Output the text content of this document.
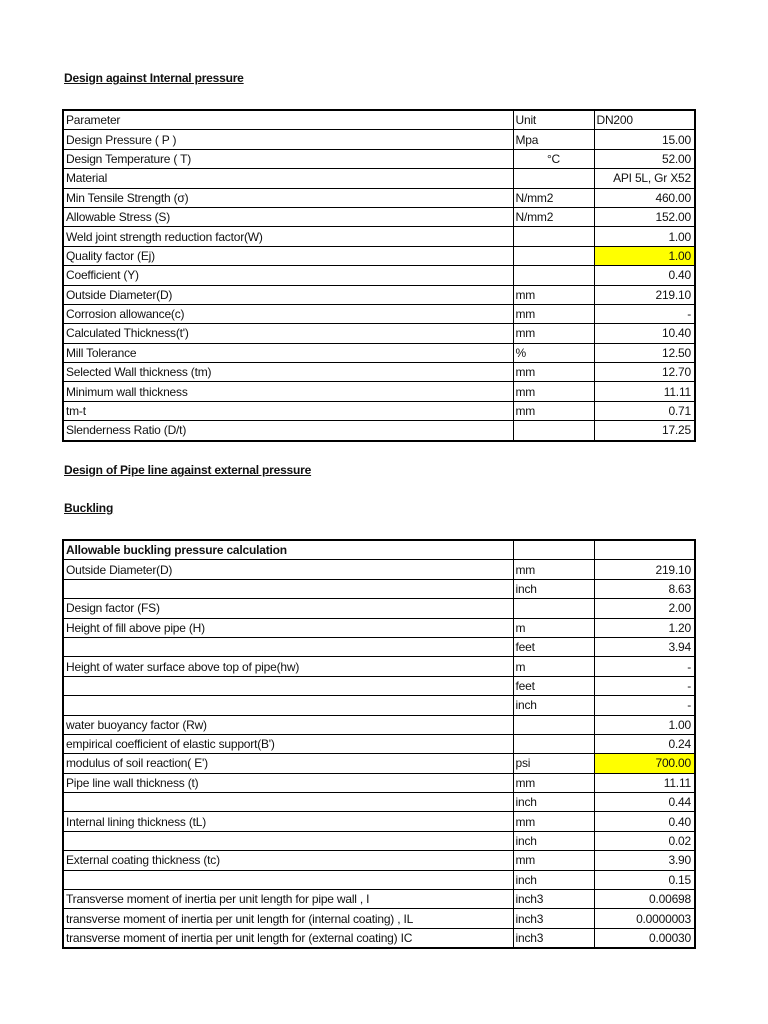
Design against Internal pressure
Parameter	Unit	DN200
Design Pressure ( P )	Mpa	15.00
Design Temperature ( T)	°C	52.00
Material		API 5L, Gr X52
Min Tensile Strength (σ)	N/mm2	460.00
Allowable Stress (S)	N/mm2	152.00
Weld joint strength reduction factor(W)		1.00
Quality factor (Ej)		1.00
Coefficient (Y)		0.40
Outside Diameter(D)	mm	219.10
Corrosion allowance(c)	mm	-
Calculated Thickness(t')	mm	10.40
Mill Tolerance	%	12.50
Selected Wall thickness (tm)	mm	12.70
Minimum wall thickness	mm	11.11
tm-t	mm	0.71
Slenderness Ratio (D/t)		17.25
Design of Pipe line against external pressure
Buckling
Allowable buckling pressure calculation		
Outside Diameter(D)	mm	219.10
	inch	8.63
Design factor (FS)		2.00
Height of fill above pipe (H)	m	1.20
	feet	3.94
Height of water surface above top of pipe(hw)	m	-
	feet	-
	inch	-
water buoyancy factor (Rw)		1.00
empirical coefficient of elastic support(B')		0.24
modulus of soil reaction( E')	psi	700.00
Pipe line wall thickness (t)	mm	11.11
	inch	0.44
Internal lining thickness (tL)	mm	0.40
	inch	0.02
External coating thickness (tc)	mm	3.90
	inch	0.15
Transverse moment of inertia per unit length for pipe wall , I	inch3	0.00698
transverse moment of inertia per unit length for (internal coating) , IL	inch3	0.0000003
transverse moment of inertia per unit length for (external coating) IC	inch3	0.00030
